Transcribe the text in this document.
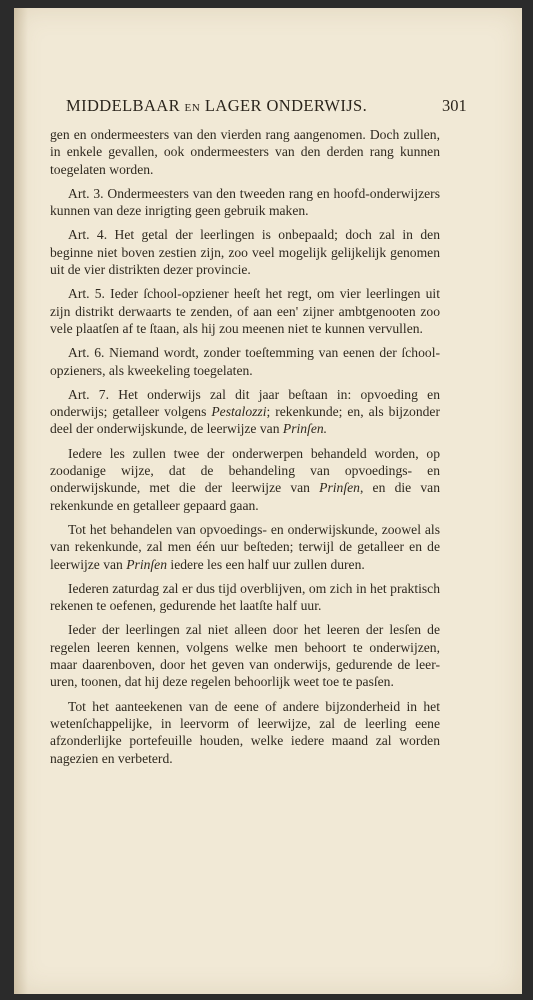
MIDDELBAAR EN LAGER ONDERWIJS.	301

gen en ondermeesters van den vierden rang aangenomen. Doch zullen, in enkele gevallen, ook ondermeesters van den derden rang kunnen toegelaten worden.

Art. 3. Ondermeesters van den tweeden rang en hoofd-onderwijzers kunnen van deze inrigting geen gebruik maken.

Art. 4. Het getal der leerlingen is onbepaald; doch zal in den beginne niet boven zestien zijn, zoo veel mogelijk gelijkelijk genomen uit de vier distrikten dezer provincie.

Art. 5. Ieder ſchool-opziener heeſt het regt, om vier leerlingen uit zijn distrikt derwaarts te zenden, of aan een' zijner ambtgenooten zoo vele plaatſen af te ſtaan, als hij zou meenen niet te kunnen vervullen.

Art. 6. Niemand wordt, zonder toeſtemming van eenen der ſchool-opzieners, als kweekeling toegelaten.

Art. 7. Het onderwijs zal dit jaar beſtaan in: opvoeding en onderwijs; getalleer volgens Pestalozzi; rekenkunde; en, als bijzonder deel der onderwijskunde, de leerwijze van Prinſen.

Iedere les zullen twee der onderwerpen behandeld worden, op zoodanige wijze, dat de behandeling van opvoedings- en onderwijskunde, met die der leerwijze van Prinſen, en die van rekenkunde en getalleer gepaard gaan.

Tot het behandelen van opvoedings- en onderwijskunde, zoowel als van rekenkunde, zal men één uur beſteden; terwijl de getalleer en de leerwijze van Prinſen iedere les een half uur zullen duren.

Iederen zaturdag zal er dus tijd overblijven, om zich in het praktisch rekenen te oefenen, gedurende het laatſte half uur.

Ieder der leerlingen zal niet alleen door het leeren der lesſen de regelen leeren kennen, volgens welke men behoort te onderwijzen, maar daarenboven, door het geven van onderwijs, gedurende de leer-uren, toonen, dat hij deze regelen behoorlijk weet toe te pasſen.

Tot het aanteekenen van de eene of andere bijzonderheid in het wetenſchappelijke, in leervorm of leerwijze, zal de leerling eene afzonderlijke portefeuille houden, welke iedere maand zal worden nagezien en verbeterd.
